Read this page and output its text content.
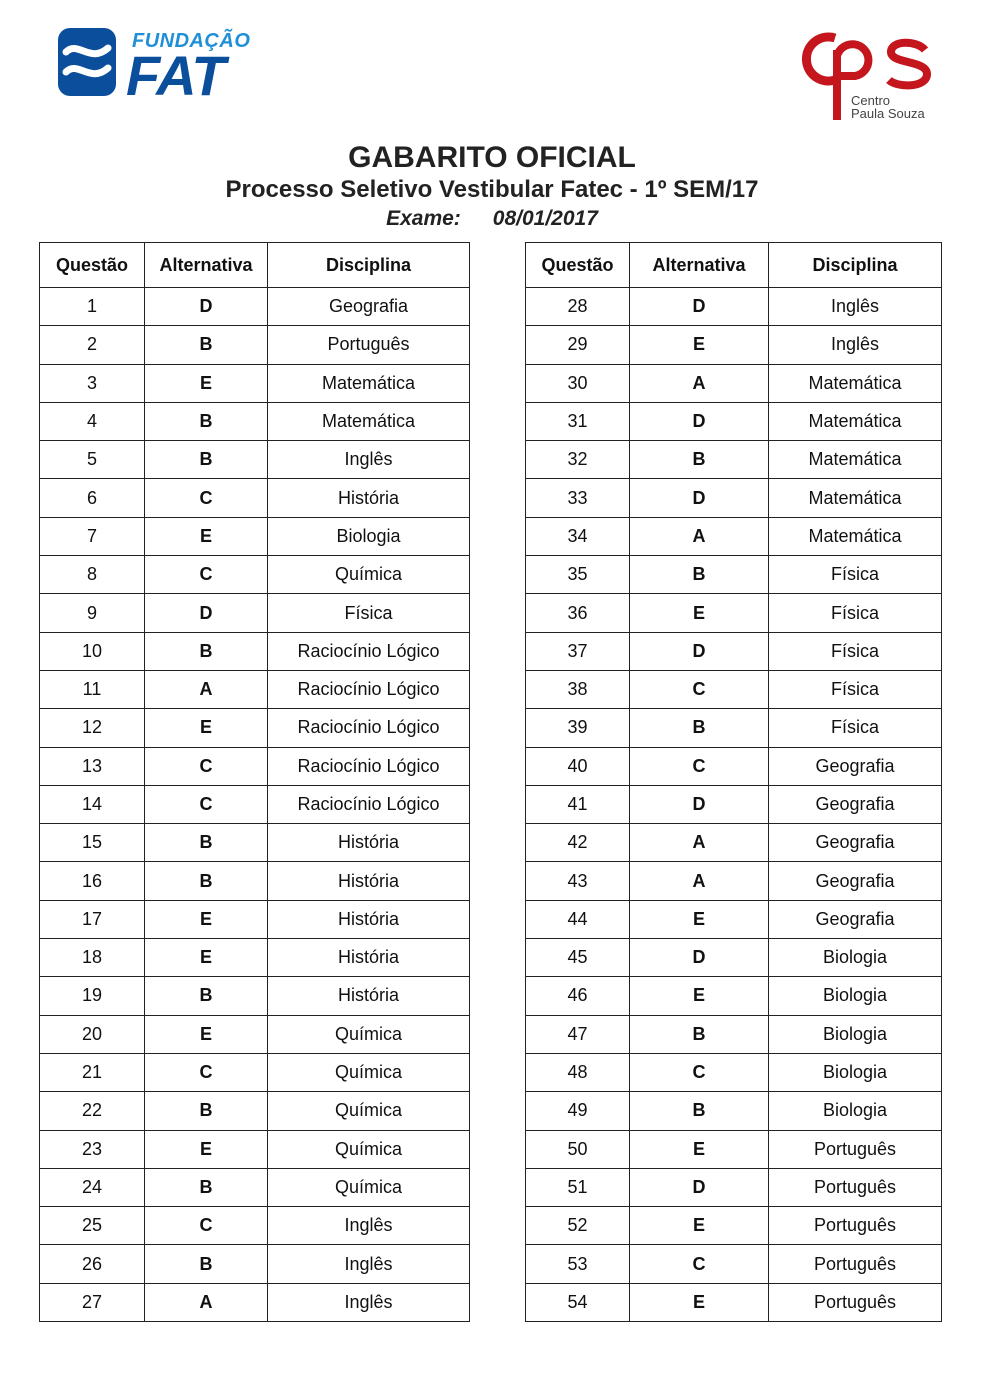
FUNDAÇÃO
FAT	Centro
Paula Souza
GABARITO OFICIAL
Processo Seletivo Vestibular Fatec - 1º SEM/17
Exame: 08/01/2017
Questão	Alternativa	Disciplina
1	D	Geografia
2	B	Português
3	E	Matemática
4	B	Matemática
5	B	Inglês
6	C	História
7	E	Biologia
8	C	Química
9	D	Física
10	B	Raciocínio Lógico
11	A	Raciocínio Lógico
12	E	Raciocínio Lógico
13	C	Raciocínio Lógico
14	C	Raciocínio Lógico
15	B	História
16	B	História
17	E	História
18	E	História
19	B	História
20	E	Química
21	C	Química
22	B	Química
23	E	Química
24	B	Química
25	C	Inglês
26	B	Inglês
27	A	Inglês
Questão	Alternativa	Disciplina
28	D	Inglês
29	E	Inglês
30	A	Matemática
31	D	Matemática
32	B	Matemática
33	D	Matemática
34	A	Matemática
35	B	Física
36	E	Física
37	D	Física
38	C	Física
39	B	Física
40	C	Geografia
41	D	Geografia
42	A	Geografia
43	A	Geografia
44	E	Geografia
45	D	Biologia
46	E	Biologia
47	B	Biologia
48	C	Biologia
49	B	Biologia
50	E	Português
51	D	Português
52	E	Português
53	C	Português
54	E	Português
